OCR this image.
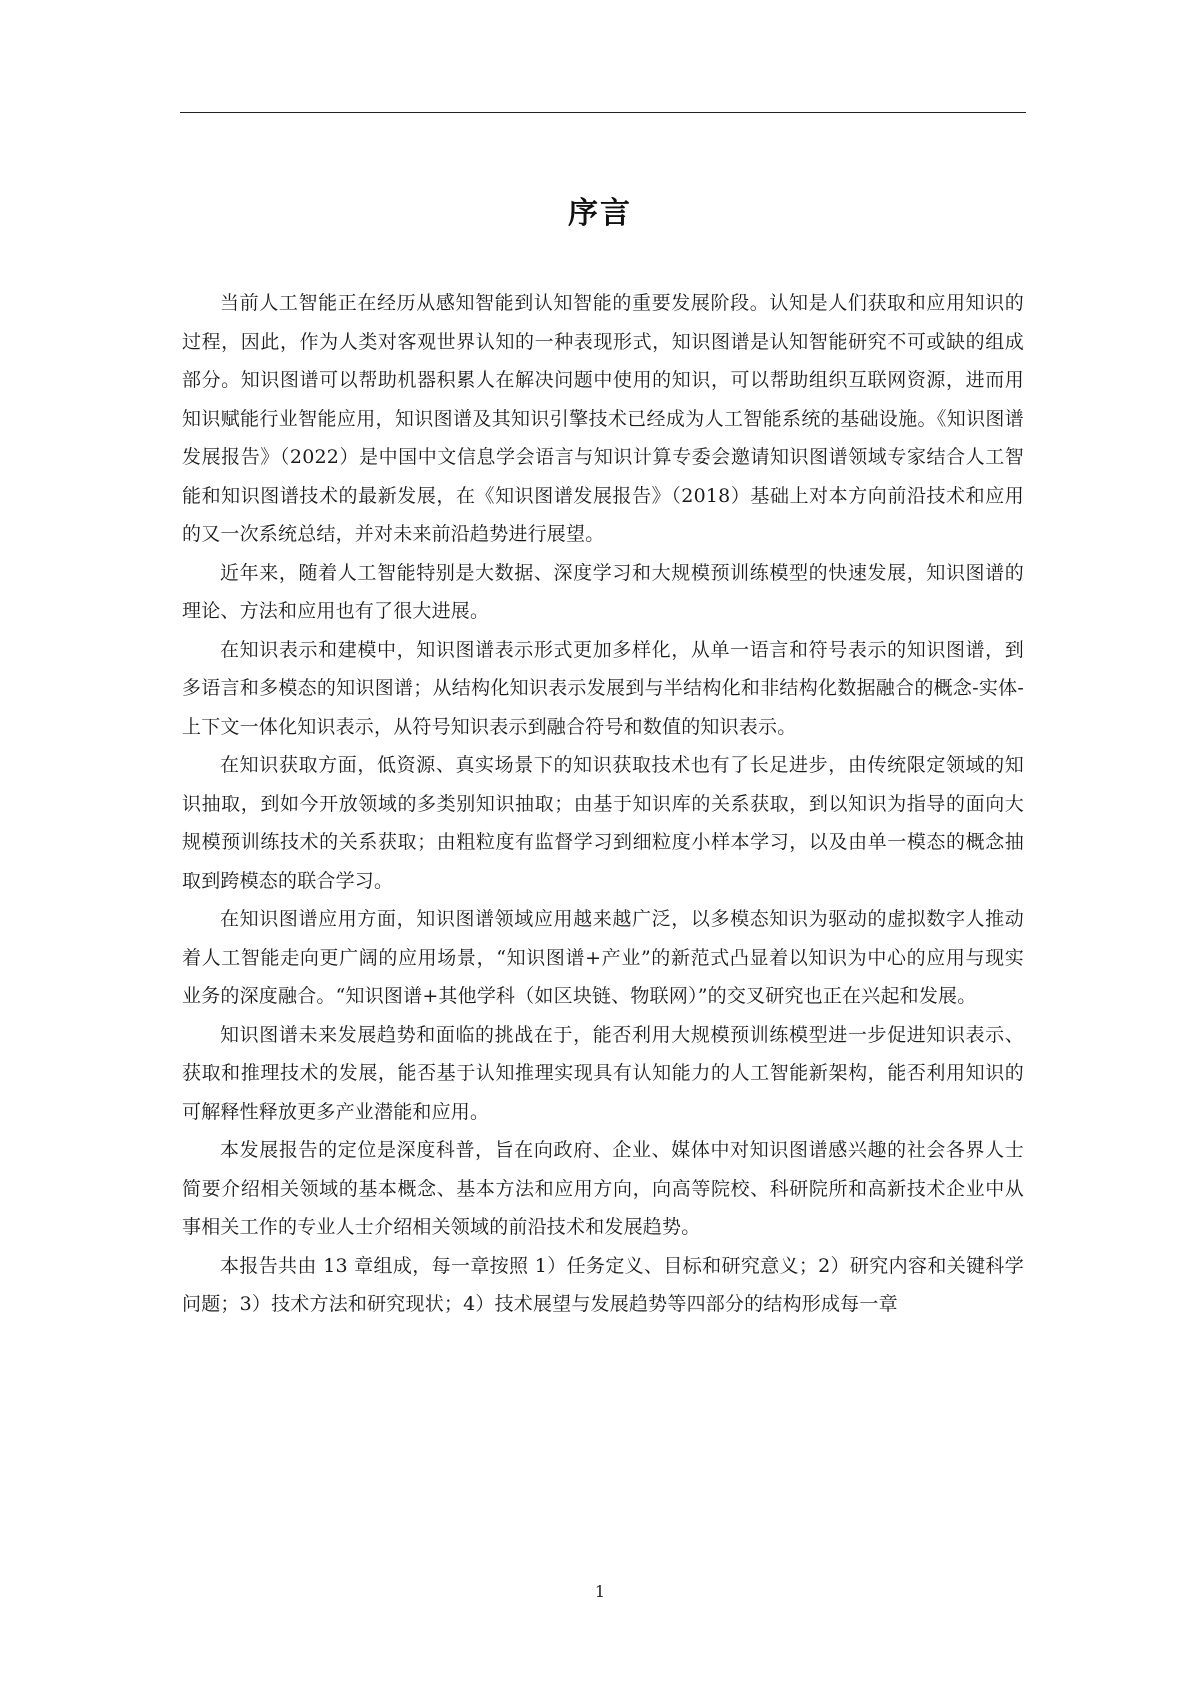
序言

当前人工智能正在经历从感知智能到认知智能的重要发展阶段。认知是人们获取和应用知识的过程，因此，作为人类对客观世界认知的一种表现形式，知识图谱是认知智能研究不可或缺的组成部分。知识图谱可以帮助机器积累人在解决问题中使用的知识，可以帮助组织互联网资源，进而用知识赋能行业智能应用，知识图谱及其知识引擎技术已经成为人工智能系统的基础设施。《知识图谱发展报告》（2022）是中国中文信息学会语言与知识计算专委会邀请知识图谱领域专家结合人工智能和知识图谱技术的最新发展，在《知识图谱发展报告》（2018）基础上对本方向前沿技术和应用的又一次系统总结，并对未来前沿趋势进行展望。

近年来，随着人工智能特别是大数据、深度学习和大规模预训练模型的快速发展，知识图谱的理论、方法和应用也有了很大进展。

在知识表示和建模中，知识图谱表示形式更加多样化，从单一语言和符号表示的知识图谱，到多语言和多模态的知识图谱；从结构化知识表示发展到与半结构化和非结构化数据融合的概念-实体-上下文一体化知识表示，从符号知识表示到融合符号和数值的知识表示。

在知识获取方面，低资源、真实场景下的知识获取技术也有了长足进步，由传统限定领域的知识抽取，到如今开放领域的多类别知识抽取；由基于知识库的关系获取，到以知识为指导的面向大规模预训练技术的关系获取；由粗粒度有监督学习到细粒度小样本学习，以及由单一模态的概念抽取到跨模态的联合学习。

在知识图谱应用方面，知识图谱领域应用越来越广泛，以多模态知识为驱动的虚拟数字人推动着人工智能走向更广阔的应用场景，“知识图谱+产业”的新范式凸显着以知识为中心的应用与现实业务的深度融合。“知识图谱+其他学科（如区块链、物联网）”的交叉研究也正在兴起和发展。

知识图谱未来发展趋势和面临的挑战在于，能否利用大规模预训练模型进一步促进知识表示、获取和推理技术的发展，能否基于认知推理实现具有认知能力的人工智能新架构，能否利用知识的可解释性释放更多产业潜能和应用。

本发展报告的定位是深度科普，旨在向政府、企业、媒体中对知识图谱感兴趣的社会各界人士简要介绍相关领域的基本概念、基本方法和应用方向，向高等院校、科研院所和高新技术企业中从事相关工作的专业人士介绍相关领域的前沿技术和发展趋势。

本报告共由 13 章组成，每一章按照 1）任务定义、目标和研究意义；2）研究内容和关键科学问题；3）技术方法和研究现状；4）技术展望与发展趋势等四部分的结构形成每一章

1
